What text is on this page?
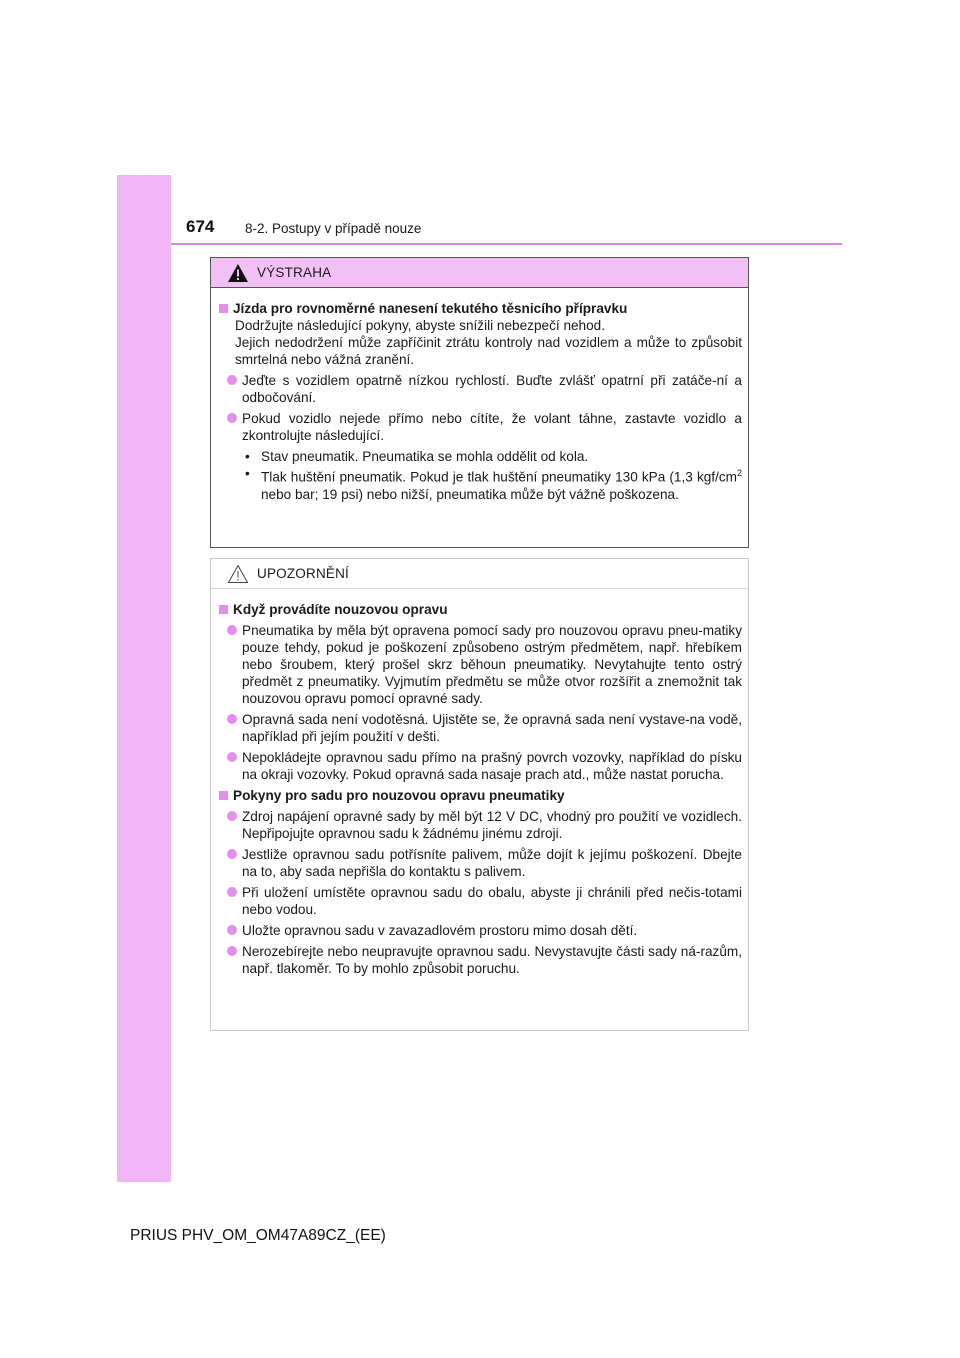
674 8-2. Postupy v případě nouze
VÝSTRAHA
Jízda pro rovnoměrné nanesení tekutého těsnicího přípravku
Dodržujte následující pokyny, abyste snížili nebezpečí nehod.
Jejich nedodržení může zapříčinit ztrátu kontroly nad vozidlem a může to způsobit smrtelná nebo vážná zranění.
Jeďte s vozidlem opatrně nízkou rychlostí. Buďte zvlášť opatrní při zatáče-ní a odbočování.
Pokud vozidlo nejede přímo nebo cítíte, že volant táhne, zastavte vozidlo a zkontrolujte následující.
• Stav pneumatik. Pneumatika se mohla oddělit od kola.
• Tlak huštění pneumatik. Pokud je tlak huštění pneumatiky 130 kPa (1,3 kgf/$cm^2$ nebo bar; 19 psi) nebo nižší, pneumatika může být vážně poškozena.
UPOZORNĚNÍ
Když provádíte nouzovou opravu
Pneumatika by měla být opravena pomocí sady pro nouzovou opravu pneu-matiky pouze tehdy, pokud je poškození způsobeno ostrým předmětem, např. hřebíkem nebo šroubem, který prošel skrz běhoun pneumatiky. Nevytahujte tento ostrý předmět z pneumatiky. Vyjmutím předmětu se může otvor rozšířit a znemožnit tak nouzovou opravu pomocí opravné sady.
Opravná sada není vodotěsná. Ujistěte se, že opravná sada není vystave-na vodě, například při jejím použití v dešti.
Nepokládejte opravnou sadu přímo na prašný povrch vozovky, například do písku na okraji vozovky. Pokud opravná sada nasaje prach atd., může nastat porucha.
Pokyny pro sadu pro nouzovou opravu pneumatiky
Zdroj napájení opravné sady by měl být 12 V DC, vhodný pro použití ve vozidlech. Nepřipojujte opravnou sadu k žádnému jinému zdroji.
Jestliže opravnou sadu potřísníte palivem, může dojít k jejímu poškození. Dbejte na to, aby sada nepřišla do kontaktu s palivem.
Při uložení umístěte opravnou sadu do obalu, abyste ji chránili před nečis-totami nebo vodou.
Uložte opravnou sadu v zavazadlovém prostoru mimo dosah dětí.
Nerozebírejte nebo neupravujte opravnou sadu. Nevystavujte části sady ná-razům, např. tlakoměr. To by mohlo způsobit poruchu.
PRIUS PHV_OM_OM47A89CZ_(EE)
